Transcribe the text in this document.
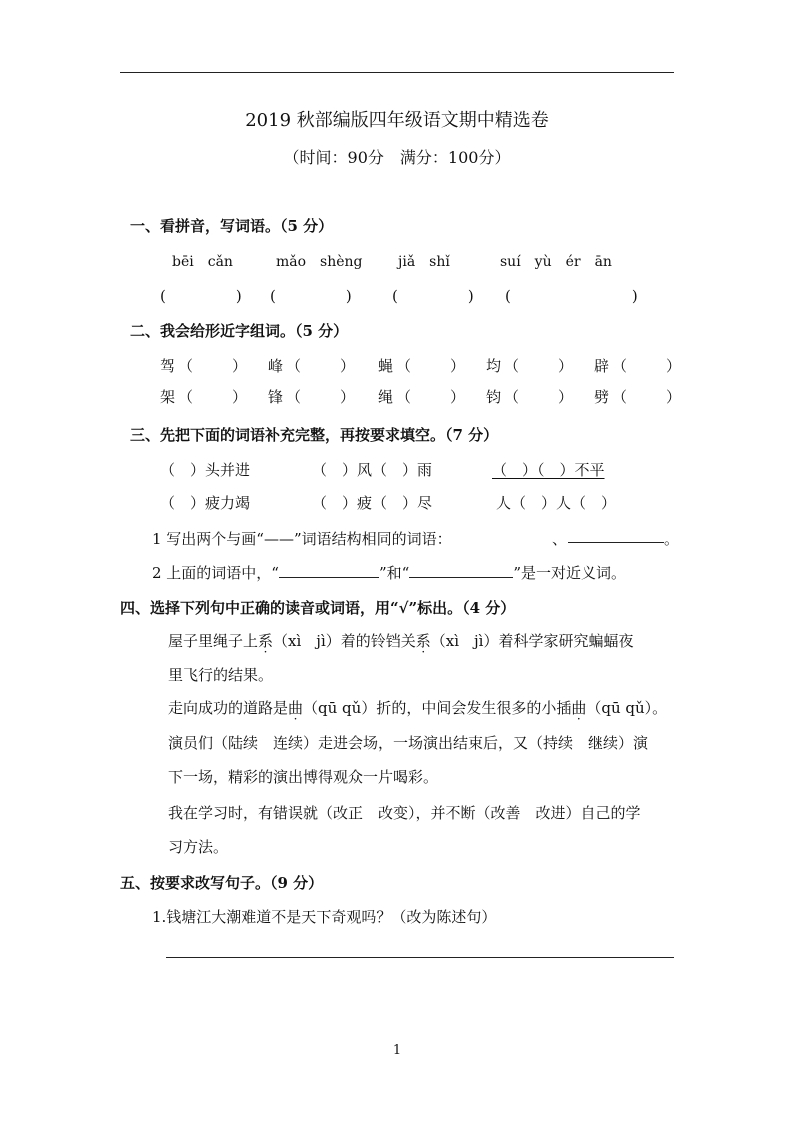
2019 秋部编版四年级语文期中精选卷
（时间：90分　满分：100分）
一、看拼音，写词语。（5 分）
bēi　cǎn	mǎo　shèng	jiǎ　shǐ	suí　yù　ér　ān
(　　　　) (　　　　)	(　　　　) (　　　　　　　)
二、我会给形近字组词。（5 分）
驾（　　） 峰（　　） 蝇（　　） 均（　　） 辟（　　）
架（　　） 锋（　　） 绳（　　） 钧（　　） 劈（　　）
三、先把下面的词语补充完整，再按要求填空。（7 分）
（　）头并进	（　）风（　）雨	（　）（　）不平
（　）疲力竭	（　）疲（　）尽	人（　）人（　）
1 写出两个与画“——”词语结构相同的词语：	、	。
2 上面的词语中，“	”和“	”是一对近义词。
四、选择下列句中正确的读音或词语，用“√”标出。（4 分）
屋子里绳子上系（xì　jì）着的铃铛关系（xì　jì）着科学家研究蝙蝠夜
里飞行的结果。
走向成功的道路是曲（qū qǔ）折的，中间会发生很多的小插曲（qū qǔ）。
演员们（陆续　连续）走进会场，一场演出结束后，又（持续　继续）演
下一场，精彩的演出博得观众一片喝彩。
我在学习时，有错误就（改正　改变），并不断（改善　改进）自己的学
习方法。
五、按要求改写句子。（9 分）
1.钱塘江大潮难道不是天下奇观吗？（改为陈述句）
1
